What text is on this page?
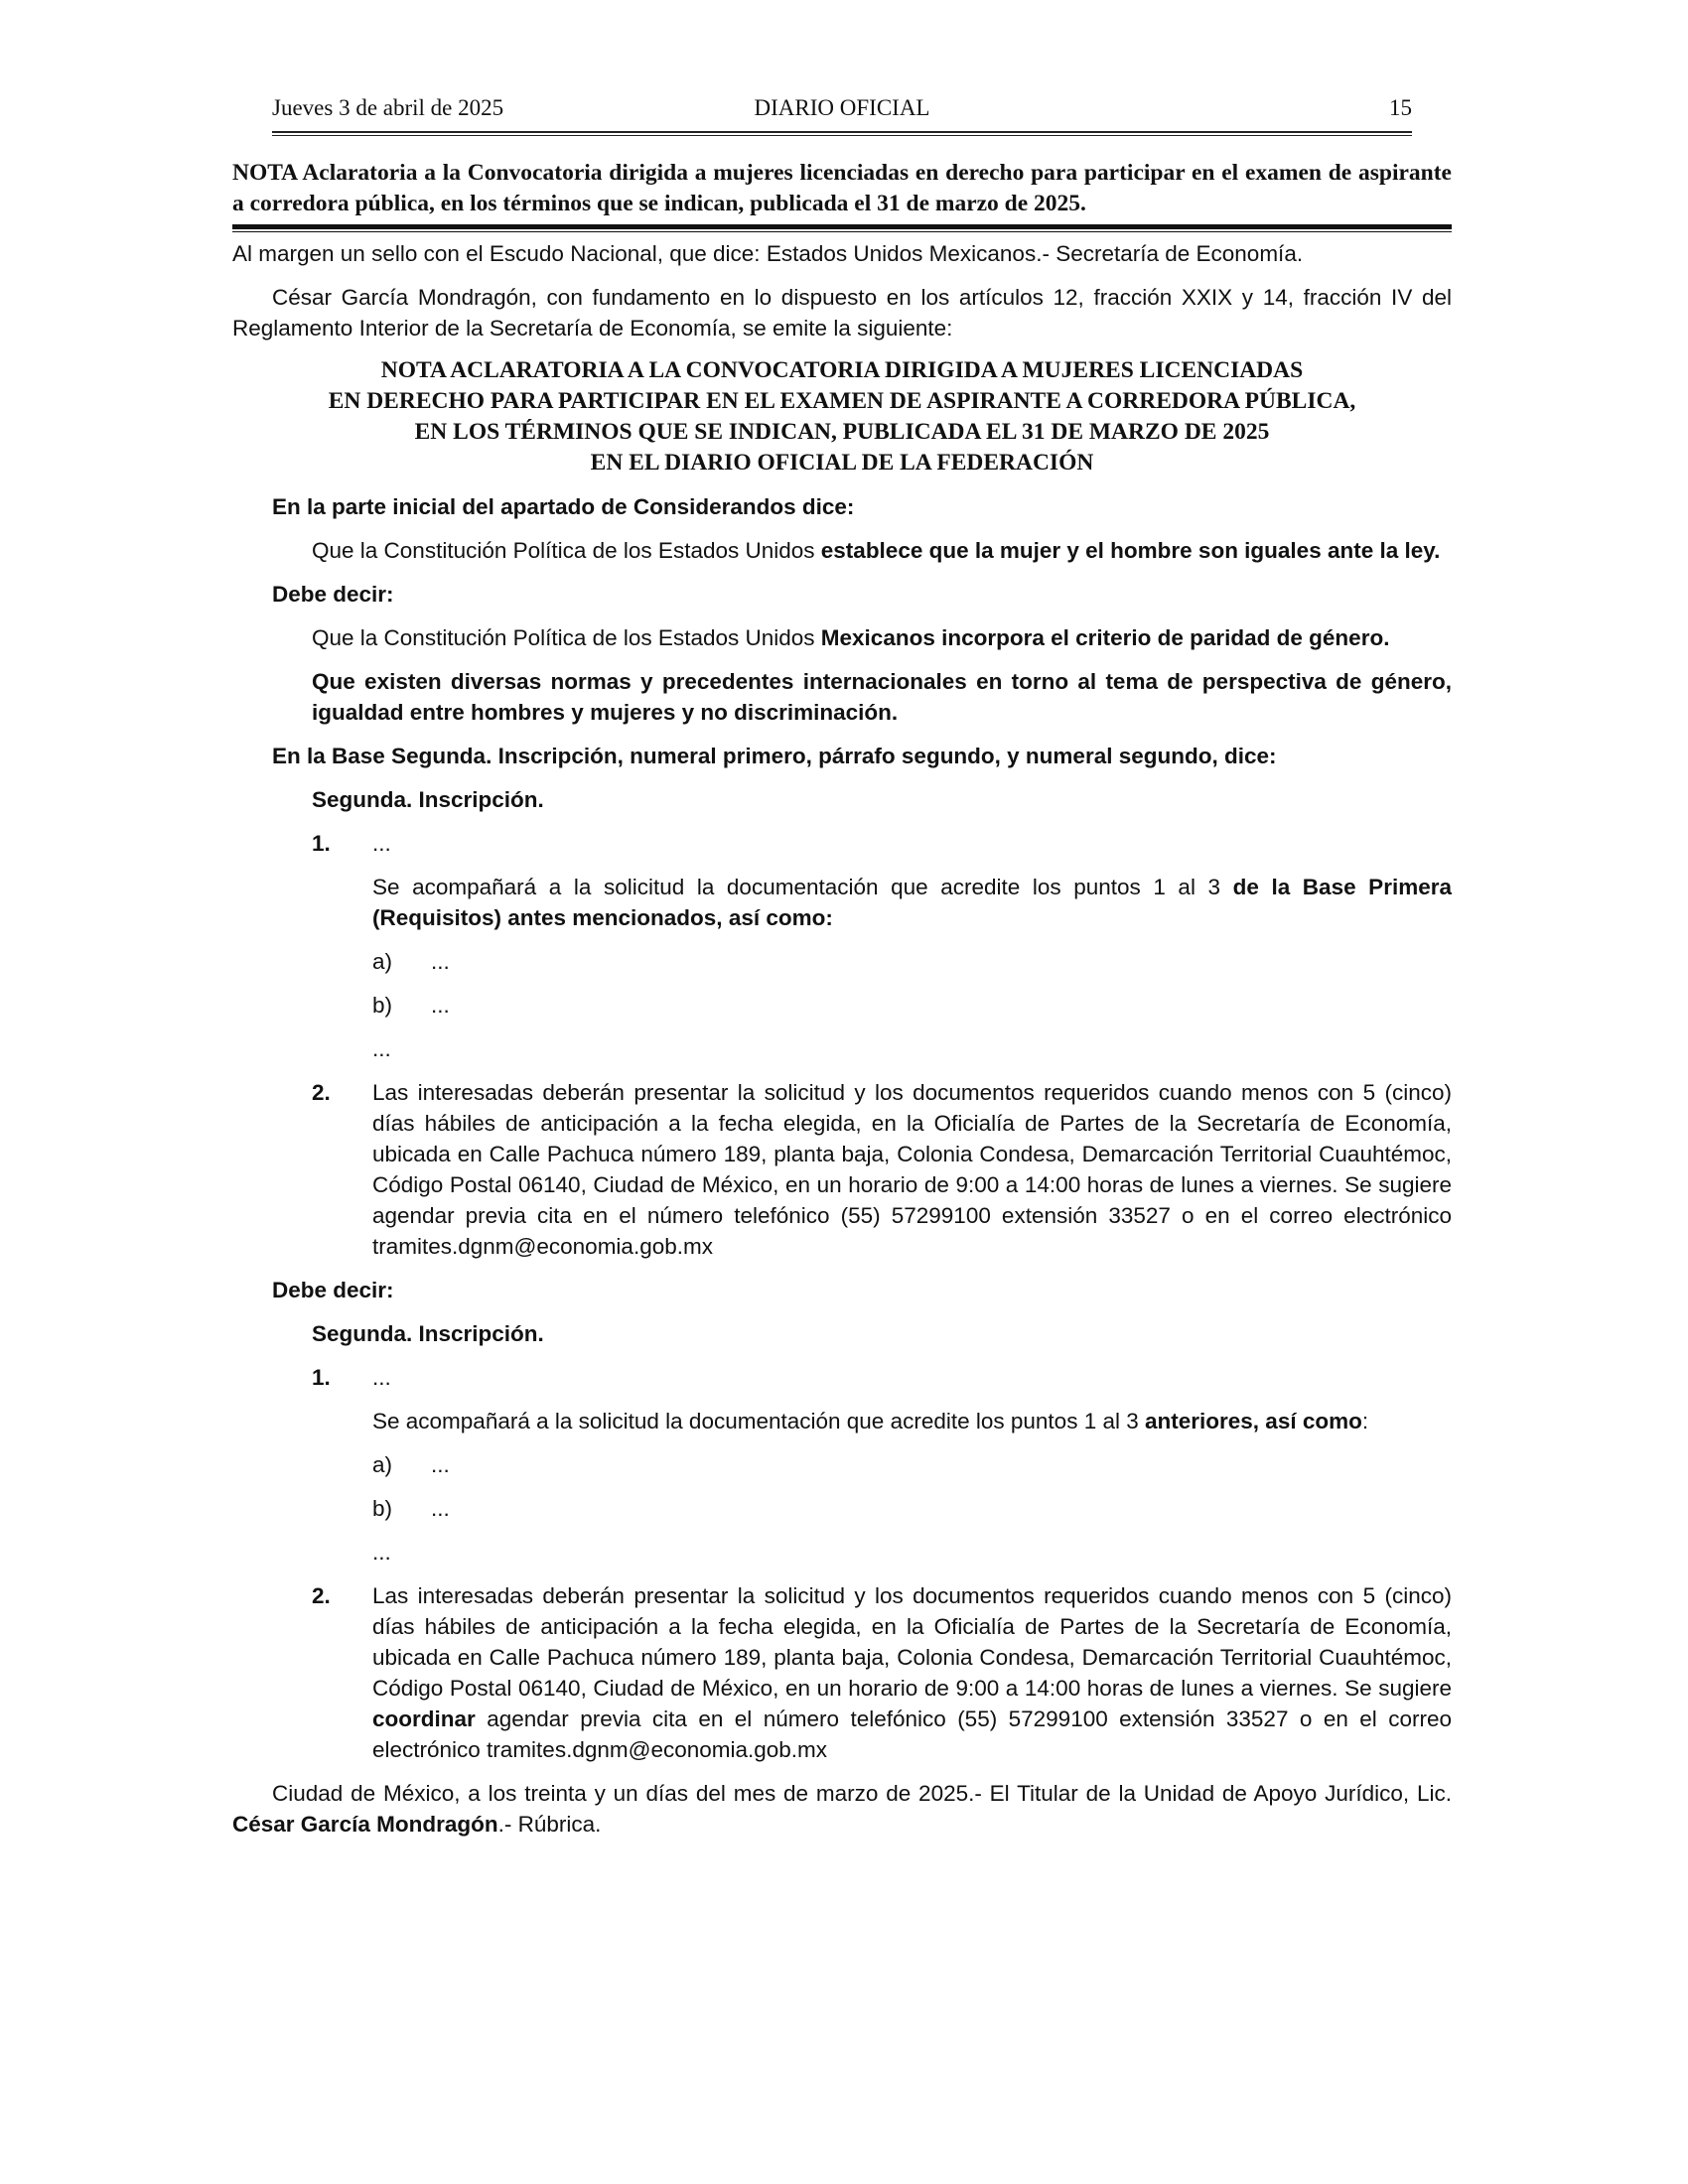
Jueves 3 de abril de 2025	DIARIO OFICIAL	15
NOTA Aclaratoria a la Convocatoria dirigida a mujeres licenciadas en derecho para participar en el examen de aspirante a corredora pública, en los términos que se indican, publicada el 31 de marzo de 2025.

Al margen un sello con el Escudo Nacional, que dice: Estados Unidos Mexicanos.- Secretaría de Economía.

César García Mondragón, con fundamento en lo dispuesto en los artículos 12, fracción XXIX y 14, fracción IV del Reglamento Interior de la Secretaría de Economía, se emite la siguiente:

NOTA ACLARATORIA A LA CONVOCATORIA DIRIGIDA A MUJERES LICENCIADAS
EN DERECHO PARA PARTICIPAR EN EL EXAMEN DE ASPIRANTE A CORREDORA PÚBLICA,
EN LOS TÉRMINOS QUE SE INDICAN, PUBLICADA EL 31 DE MARZO DE 2025
EN EL DIARIO OFICIAL DE LA FEDERACIÓN

En la parte inicial del apartado de Considerandos dice:

Que la Constitución Política de los Estados Unidos establece que la mujer y el hombre son iguales ante la ley.

Debe decir:

Que la Constitución Política de los Estados Unidos Mexicanos incorpora el criterio de paridad de género.

Que existen diversas normas y precedentes internacionales en torno al tema de perspectiva de género, igualdad entre hombres y mujeres y no discriminación.

En la Base Segunda. Inscripción, numeral primero, párrafo segundo, y numeral segundo, dice:

Segunda. Inscripción.

1. ...

Se acompañará a la solicitud la documentación que acredite los puntos 1 al 3 de la Base Primera (Requisitos) antes mencionados, así como:

a) ...
b) ...

...

2. Las interesadas deberán presentar la solicitud y los documentos requeridos cuando menos con 5 (cinco) días hábiles de anticipación a la fecha elegida, en la Oficialía de Partes de la Secretaría de Economía, ubicada en Calle Pachuca número 189, planta baja, Colonia Condesa, Demarcación Territorial Cuauhtémoc, Código Postal 06140, Ciudad de México, en un horario de 9:00 a 14:00 horas de lunes a viernes. Se sugiere agendar previa cita en el número telefónico (55) 57299100 extensión 33527 o en el correo electrónico tramites.dgnm@economia.gob.mx

Debe decir:

Segunda. Inscripción.

1. ...

Se acompañará a la solicitud la documentación que acredite los puntos 1 al 3 anteriores, así como:

a) ...
b) ...

...

2. Las interesadas deberán presentar la solicitud y los documentos requeridos cuando menos con 5 (cinco) días hábiles de anticipación a la fecha elegida, en la Oficialía de Partes de la Secretaría de Economía, ubicada en Calle Pachuca número 189, planta baja, Colonia Condesa, Demarcación Territorial Cuauhtémoc, Código Postal 06140, Ciudad de México, en un horario de 9:00 a 14:00 horas de lunes a viernes. Se sugiere coordinar agendar previa cita en el número telefónico (55) 57299100 extensión 33527 o en el correo electrónico tramites.dgnm@economia.gob.mx

Ciudad de México, a los treinta y un días del mes de marzo de 2025.- El Titular de la Unidad de Apoyo Jurídico, Lic. César García Mondragón.- Rúbrica.
